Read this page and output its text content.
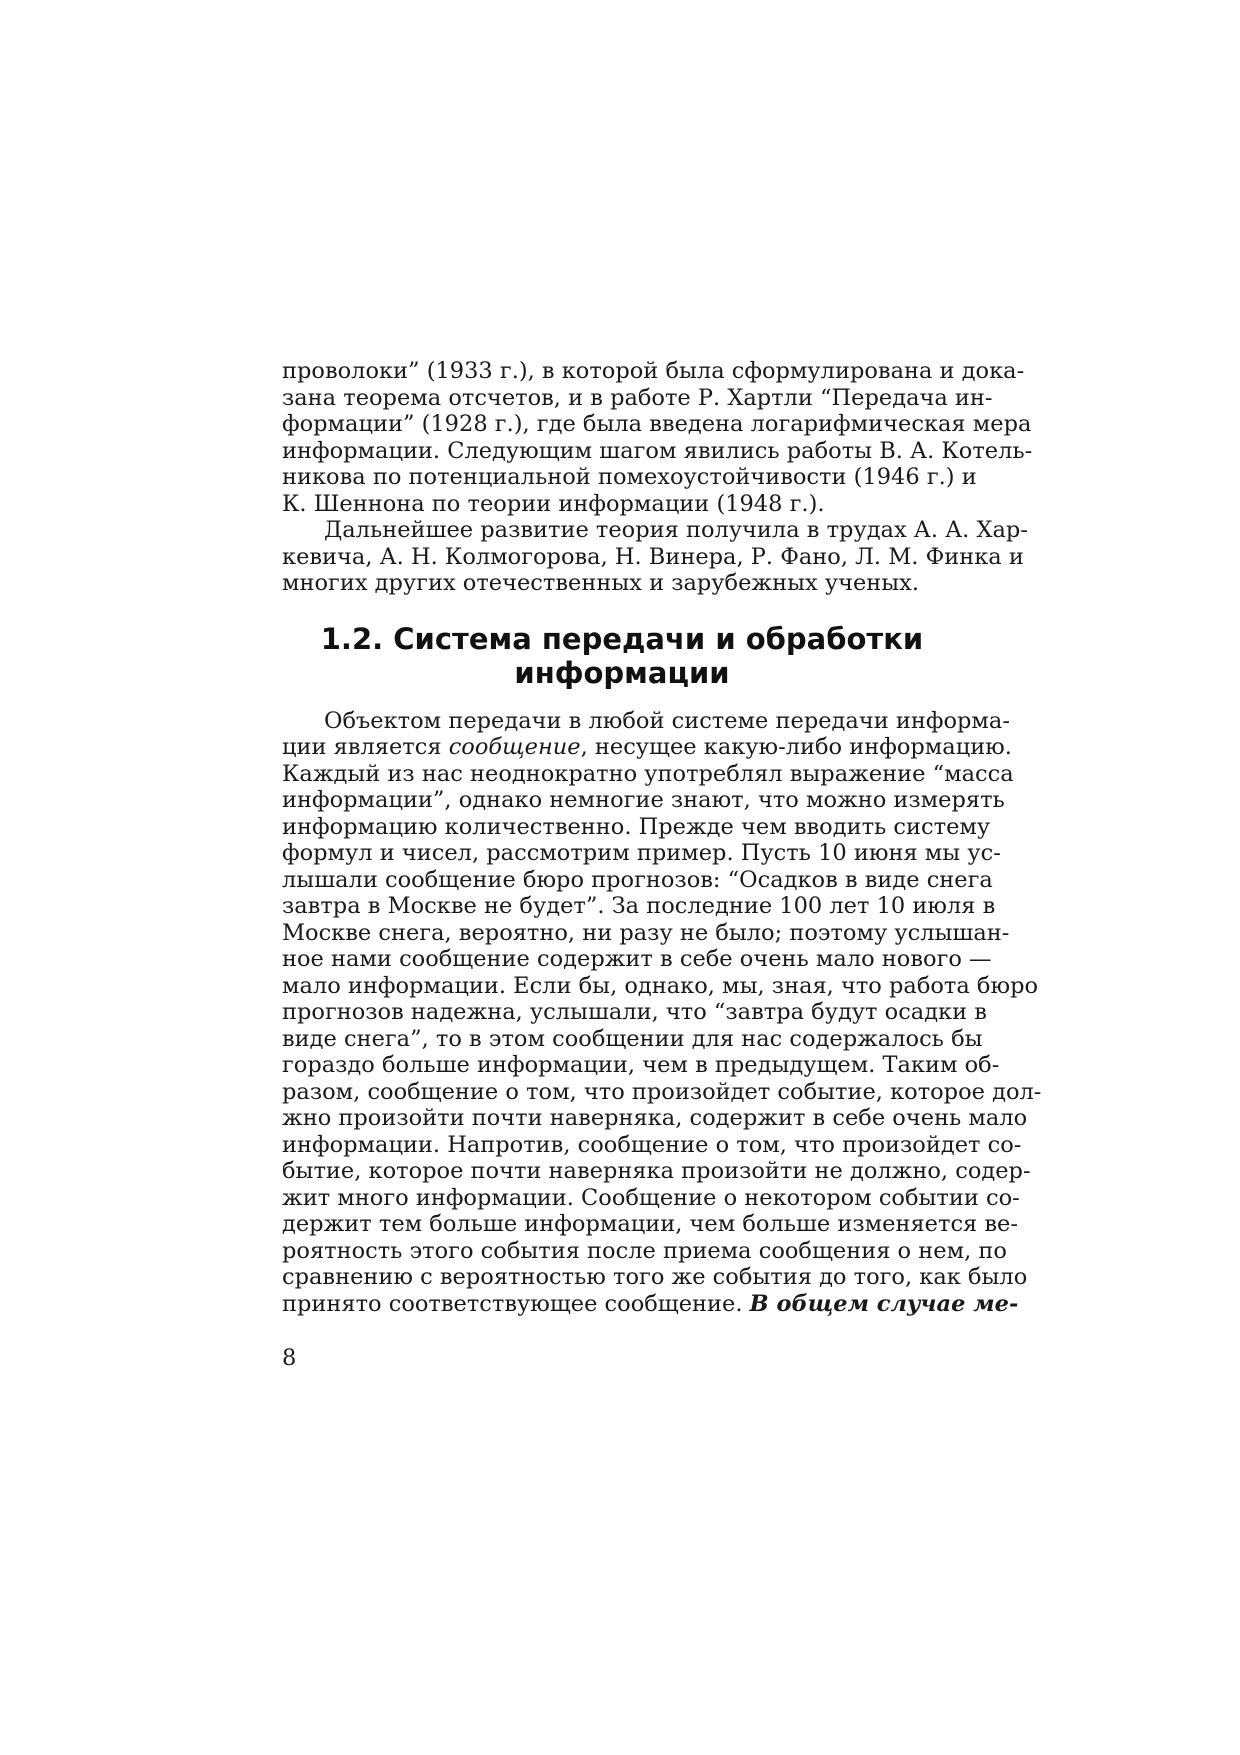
проволоки” (1933 г.), в которой была сформулирована и дока-
зана теорема отсчетов, и в работе Р. Хартли “Передача ин-
формации” (1928 г.), где была введена логарифмическая мера
информации. Следующим шагом явились работы В. А. Котель-
никова по потенциальной помехоустойчивости (1946 г.) и
К. Шеннона по теории информации (1948 г.).
Дальнейшее развитие теория получила в трудах А. А. Хар-
кевича, А. Н. Колмогорова, Н. Винера, Р. Фано, Л. М. Финка и
многих других отечественных и зарубежных ученых.
1.2. Система передачи и обработки
информации
Объектом передачи в любой системе передачи информа-
ции является сообщение, несущее какую-либо информацию.
Каждый из нас неоднократно употреблял выражение “масса
информации”, однако немногие знают, что можно измерять
информацию количественно. Прежде чем вводить систему
формул и чисел, рассмотрим пример. Пусть 10 июня мы ус-
лышали сообщение бюро прогнозов: “Осадков в виде снега
завтра в Москве не будет”. За последние 100 лет 10 июля в
Москве снега, вероятно, ни разу не было; поэтому услышан-
ное нами сообщение содержит в себе очень мало нового —
мало информации. Если бы, однако, мы, зная, что работа бюро
прогнозов надежна, услышали, что “завтра будут осадки в
виде снега”, то в этом сообщении для нас содержалось бы
гораздо больше информации, чем в предыдущем. Таким об-
разом, сообщение о том, что произойдет событие, которое дол-
жно произойти почти наверняка, содержит в себе очень мало
информации. Напротив, сообщение о том, что произойдет со-
бытие, которое почти наверняка произойти не должно, содер-
жит много информации. Сообщение о некотором событии со-
держит тем больше информации, чем больше изменяется ве-
роятность этого события после приема сообщения о нем, по
сравнению с вероятностью того же события до того, как было
принято соответствующее сообщение. В общем случае ме-
8
